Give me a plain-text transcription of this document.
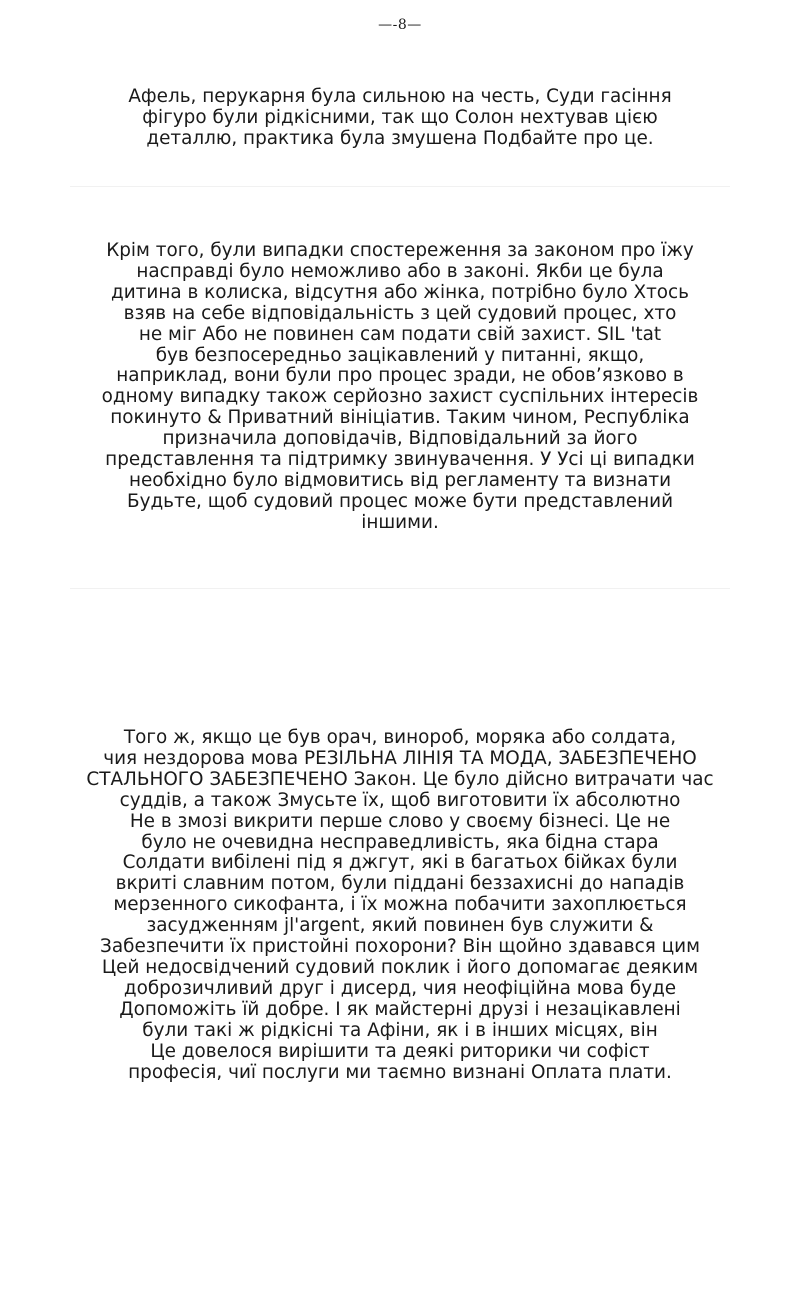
—-8—

Афель, перукарня була сильною на честь, Суди гасіння
фігуро були рідкісними, так що Солон нехтував цією
деталлю, практика була змушена Подбайте про це.

Крім того, були випадки спостереження за законом про їжу
насправді було неможливо або в законі. Якби це була
дитина в колиска, відсутня або жінка, потрібно було Хтось
взяв на себе відповідальність з цей судовий процес, хто
не міг Або не повинен сам подати свій захист. SIL 'tat
був безпосередньо зацікавлений у питанні, якщо,
наприклад, вони були про процес зради, не обов’язково в
одному випадку також серйозно захист суспільних інтересів
покинуто & Приватний вініціатив. Таким чином, Республіка
призначила доповідачів, Відповідальний за його
представлення та підтримку звинувачення. У Усі ці випадки
необхідно було відмовитись від регламенту та визнати
Будьте, щоб судовий процес може бути представлений
іншими.

Того ж, якщо це був орач, винороб, моряка або солдата,
чия нездорова мова РЕЗІЛЬНА ЛІНІЯ ТА МОДА, ЗАБЕЗПЕЧЕНО
СТАЛЬНОГО ЗАБЕЗПЕЧЕНО Закон. Це було дійсно витрачати час
суддів, а також Змусьте їх, щоб виготовити їх абсолютно
Не в змозі викрити перше слово у своєму бізнесі. Це не
було не очевидна несправедливість, яка бідна стара
Солдати вибілені під я джгут, які в багатьох бійках були
вкриті славним потом, були піддані беззахисні до нападів
мерзенного сикофанта, і їх можна побачити захоплюється
засудженням jl'argent, який повинен був служити &
Забезпечити їх пристойні похорони? Він щойно здавався цим
Цей недосвідчений судовий поклик і його допомагає деяким
доброзичливий друг і дисерд, чия неофіційна мова буде
Допоможіть їй добре. І як майстерні друзі і незацікавлені
були такі ж рідкісні та Афіни, як і в інших місцях, він
Це довелося вирішити та деякі риторики чи софіст
професія, чиї послуги ми таємно визнані Оплата плати.
